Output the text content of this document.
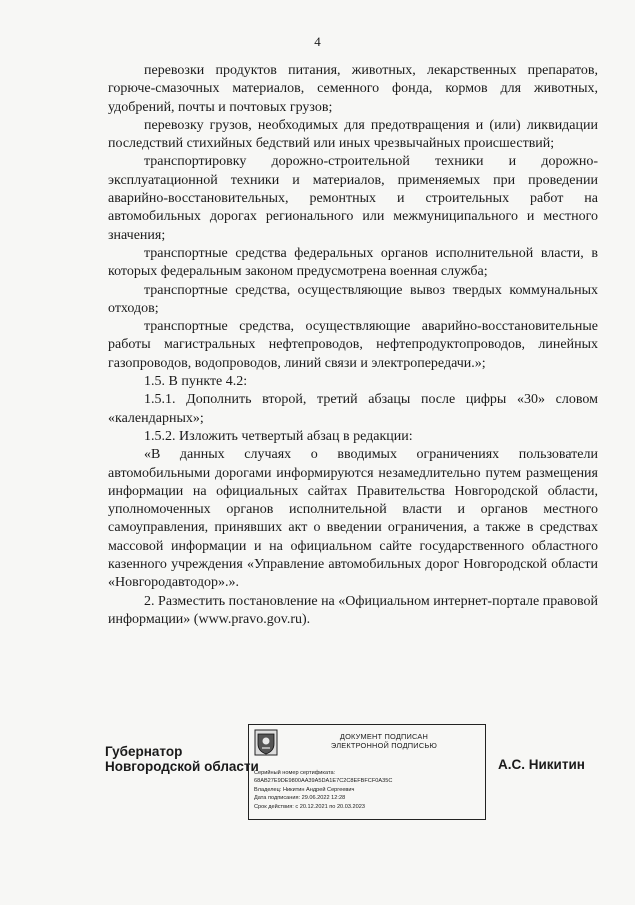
4

перевозки продуктов питания, животных, лекарственных препаратов, горюче-смазочных материалов, семенного фонда, кормов для животных, удобрений, почты и почтовых грузов;

перевозку грузов, необходимых для предотвращения и (или) ликвидации последствий стихийных бедствий или иных чрезвычайных происшествий;

транспортировку дорожно-строительной техники и дорожно-эксплуатационной техники и материалов, применяемых при проведении аварийно-восстановительных, ремонтных и строительных работ на автомобильных дорогах регионального или межмуниципального и местного значения;

транспортные средства федеральных органов исполнительной власти, в которых федеральным законом предусмотрена военная служба;

транспортные средства, осуществляющие вывоз твердых коммунальных отходов;

транспортные средства, осуществляющие аварийно-восстановительные работы магистральных нефтепроводов, нефтепродуктопроводов, линейных газопроводов, водопроводов, линий связи и электропередачи.»;

1.5. В пункте 4.2:

1.5.1. Дополнить второй, третий абзацы после цифры «30» словом «календарных»;

1.5.2. Изложить четвертый абзац в редакции:

«В данных случаях о вводимых ограничениях пользователи автомобильными дорогами информируются незамедлительно путем размещения информации на официальных сайтах Правительства Новгородской области, уполномоченных органов исполнительной власти и органов местного самоуправления, принявших акт о введении ограничения, а также в средствах массовой информации и на официальном сайте государственного областного казенного учреждения «Управление автомобильных дорог Новгородской области «Новгородавтодор».».

2. Разместить постановление на «Официальном интернет-портале правовой информации» (www.pravo.gov.ru).

Губернатор
Новгородской области
ДОКУМЕНТ ПОДПИСАН
ЭЛЕКТРОННОЙ ПОДПИСЬЮ
Серийный номер сертификата:
68AB27E9DE9800AA39A5DA1E7C2C8EFBFCF0A35C
Владелец: Никитин Андрей Сергеевич
Дата подписания: 29.06.2022 12:28
Срок действия: с 20.12.2021 по 20.03.2023
А.С. Никитин
